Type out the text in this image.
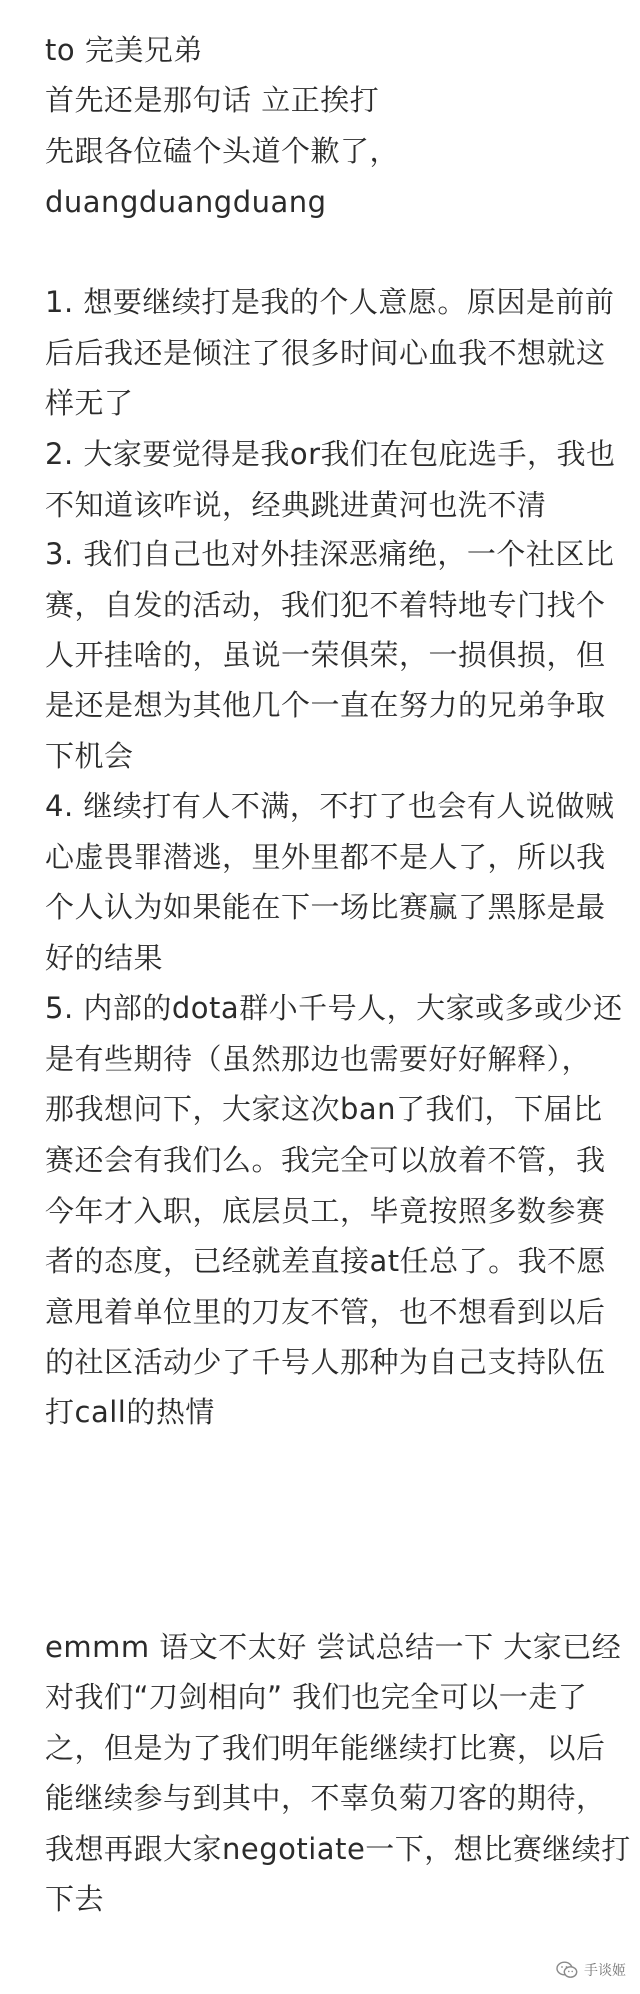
to 完美兄弟
首先还是那句话 立正挨打
先跟各位磕个头道个歉了，
duangduangduang
1. 想要继续打是我的个人意愿。原因是前前
后后我还是倾注了很多时间心血我不想就这
样无了
2. 大家要觉得是我or我们在包庇选手，我也
不知道该咋说，经典跳进黄河也洗不清
3. 我们自己也对外挂深恶痛绝，一个社区比
赛，自发的活动，我们犯不着特地专门找个
人开挂啥的，虽说一荣俱荣，一损俱损，但
是还是想为其他几个一直在努力的兄弟争取
下机会
4. 继续打有人不满，不打了也会有人说做贼
心虚畏罪潜逃，里外里都不是人了，所以我
个人认为如果能在下一场比赛赢了黑豚是最
好的结果
5. 内部的dota群小千号人，大家或多或少还
是有些期待（虽然那边也需要好好解释），
那我想问下，大家这次ban了我们，下届比
赛还会有我们么。我完全可以放着不管，我
今年才入职，底层员工，毕竟按照多数参赛
者的态度，已经就差直接at任总了。我不愿
意甩着单位里的刀友不管，也不想看到以后
的社区活动少了千号人那种为自己支持队伍
打call的热情
emmm 语文不太好 尝试总结一下 大家已经
对我们“刀剑相向” 我们也完全可以一走了
之，但是为了我们明年能继续打比赛，以后
能继续参与到其中，不辜负菊刀客的期待，
我想再跟大家negotiate一下，想比赛继续打
下去
手谈姬
